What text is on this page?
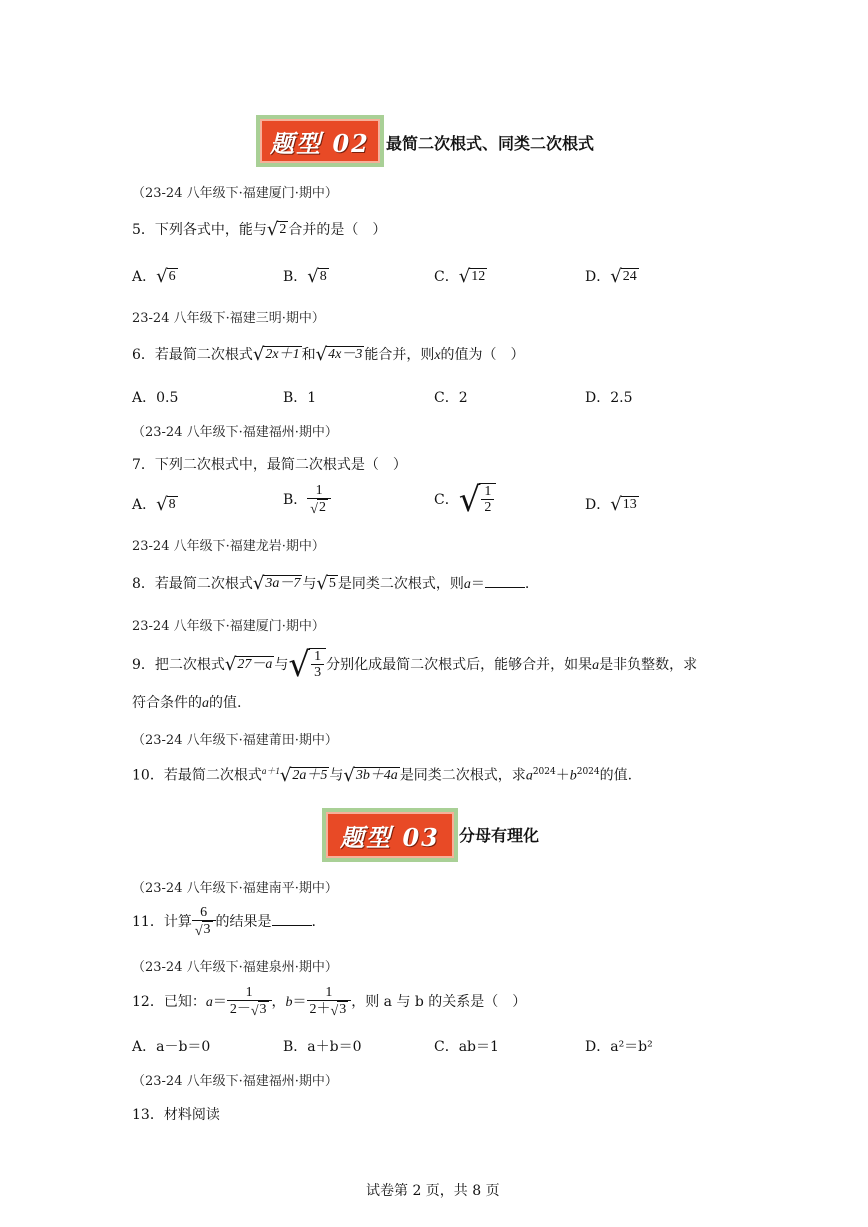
题型 02 最简二次根式、同类二次根式
（23-24 八年级下·福建厦门·期中）
5．下列各式中，能与 √ 2 合并的是（　）
A． √ 6	B． √ 8	C． √ 12	D． √ 24
23-24 八年级下·福建三明·期中）
6．若最简二次根式 √ 2x＋1 和 √ 4x－3 能合并，则x的值为（　）
A．0.5	B．1	C．2	D．2.5
（23-24 八年级下·福建福州·期中）
7．下列二次根式中，最简二次根式是（　）
A． √ 8	B． $\frac{1}{√ 2}$	C． √ $\frac{1}{2}$	D． √ 13
23-24 八年级下·福建龙岩·期中）
8．若最简二次根式 √ 3a－7 与 √ 5 是同类二次根式，则a＝	.
23-24 八年级下·福建厦门·期中）
9．把二次根式 √ 27－a 与 √ $\frac{1}{3}$ 分别化成最简二次根式后，能够合并，如果a是非负整数，求
符合条件的a的值.
（23-24 八年级下·福建莆田·期中）
10．若最简二次根式$^{a+1}$ √ 2a＋5 与 √ 3b＋4a 是同类二次根式，求$a^{2024}+b^{2024}$的值.
题型 03 分母有理化
（23-24 八年级下·福建南平·期中）
11．计算 $\frac{6}{√ 3}$ 的结果是	.
（23-24 八年级下·福建泉州·期中）
12．已知：$a= \frac{1}{2- √ 3}$ ，$b= \frac{1}{2+ √ 3}$ ，则 a 与 b 的关系是（　）
A．a－b＝0	B．a＋b＝0	C．ab＝1	D．a²＝b²
（23-24 八年级下·福建福州·期中）
13．材料阅读
试卷第 2 页，共 8 页
